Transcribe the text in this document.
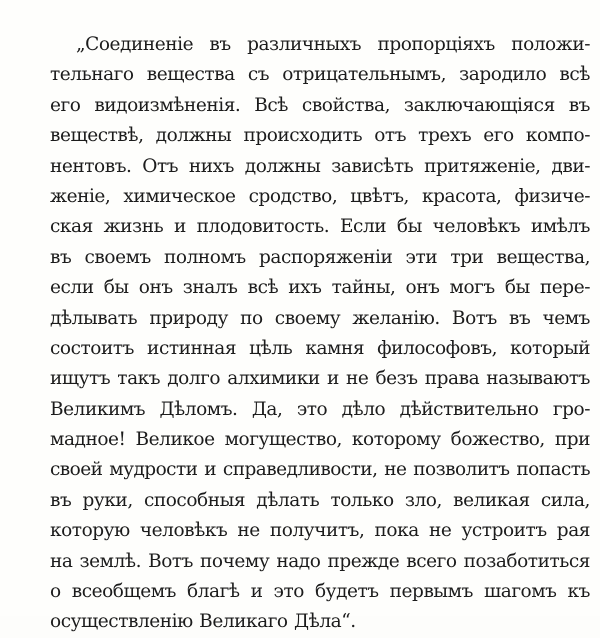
„Соединеніе въ различныхъ пропорціяхъ положи-
тельнаго вещества съ отрицательнымъ, зародило всѣ
его видоизмѣненія. Всѣ свойства, заключающіяся въ
веществѣ, должны происходить отъ трехъ его компо-
нентовъ. Отъ нихъ должны зависѣть притяженіе, дви-
женіе, химическое сродство, цвѣтъ, красота, физиче-
ская жизнь и плодовитость. Если бы человѣкъ имѣлъ
въ своемъ полномъ распоряженіи эти три вещества,
если бы онъ зналъ всѣ ихъ тайны, онъ могъ бы пере-
дѣлывать природу по своему желанію. Вотъ въ чемъ
состоитъ истинная цѣль камня философовъ, который
ищутъ такъ долго алхимики и не безъ права называютъ
Великимъ Дѣломъ. Да, это дѣло дѣйствительно гро-
мадное! Великое могущество, которому божество, при
своей мудрости и справедливости, не позволитъ попасть
въ руки, способныя дѣлать только зло, великая сила,
которую человѣкъ не получитъ, пока не устроитъ рая
на землѣ. Вотъ почему надо прежде всего позаботиться
о всеобщемъ благѣ и это будетъ первымъ шагомъ къ
осуществленію Великаго Дѣла“.
